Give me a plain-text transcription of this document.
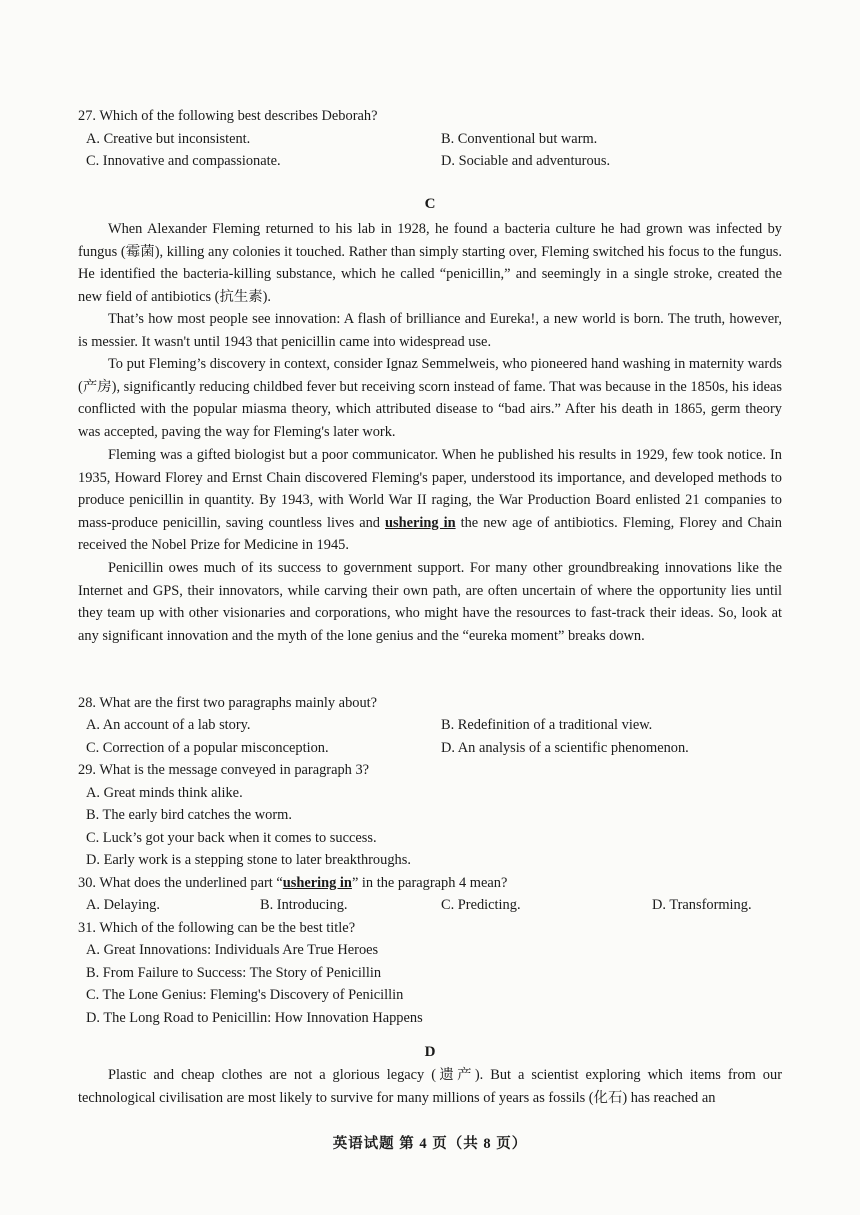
27. Which of the following best describes Deborah?
A. Creative but inconsistent.	B. Conventional but warm.
C. Innovative and compassionate.	D. Sociable and adventurous.
C
When Alexander Fleming returned to his lab in 1928, he found a bacteria culture he had grown was infected by fungus (霉菌), killing any colonies it touched. Rather than simply starting over, Fleming switched his focus to the fungus. He identified the bacteria-killing substance, which he called “penicillin,” and seemingly in a single stroke, created the new field of antibiotics (抗生素).
That’s how most people see innovation: A flash of brilliance and Eureka!, a new world is born. The truth, however, is messier. It wasn't until 1943 that penicillin came into widespread use.
To put Fleming’s discovery in context, consider Ignaz Semmelweis, who pioneered hand washing in maternity wards (产房), significantly reducing childbed fever but receiving scorn instead of fame. That was because in the 1850s, his ideas conflicted with the popular miasma theory, which attributed disease to “bad airs.” After his death in 1865, germ theory was accepted, paving the way for Fleming's later work.
Fleming was a gifted biologist but a poor communicator. When he published his results in 1929, few took notice. In 1935, Howard Florey and Ernst Chain discovered Fleming's paper, understood its importance, and developed methods to produce penicillin in quantity. By 1943, with World War II raging, the War Production Board enlisted 21 companies to mass-produce penicillin, saving countless lives and ushering in the new age of antibiotics. Fleming, Florey and Chain received the Nobel Prize for Medicine in 1945.
Penicillin owes much of its success to government support. For many other groundbreaking innovations like the Internet and GPS, their innovators, while carving their own path, are often uncertain of where the opportunity lies until they team up with other visionaries and corporations, who might have the resources to fast-track their ideas. So, look at any significant innovation and the myth of the lone genius and the “eureka moment” breaks down.
28. What are the first two paragraphs mainly about?
A. An account of a lab story.	B. Redefinition of a traditional view.
C. Correction of a popular misconception.	D. An analysis of a scientific phenomenon.
29. What is the message conveyed in paragraph 3?
A. Great minds think alike.
B. The early bird catches the worm.
C. Luck’s got your back when it comes to success.
D. Early work is a stepping stone to later breakthroughs.
30. What does the underlined part “ushering in” in the paragraph 4 mean?
A. Delaying.	B. Introducing.	C. Predicting.	D. Transforming.
31. Which of the following can be the best title?
A. Great Innovations: Individuals Are True Heroes
B. From Failure to Success: The Story of Penicillin
C. The Lone Genius: Fleming's Discovery of Penicillin
D. The Long Road to Penicillin: How Innovation Happens
D
Plastic and cheap clothes are not a glorious legacy (遗产). But a scientist exploring which items from our technological civilisation are most likely to survive for many millions of years as fossils (化石) has reached an
英语试题 第 4 页（共 8 页）
